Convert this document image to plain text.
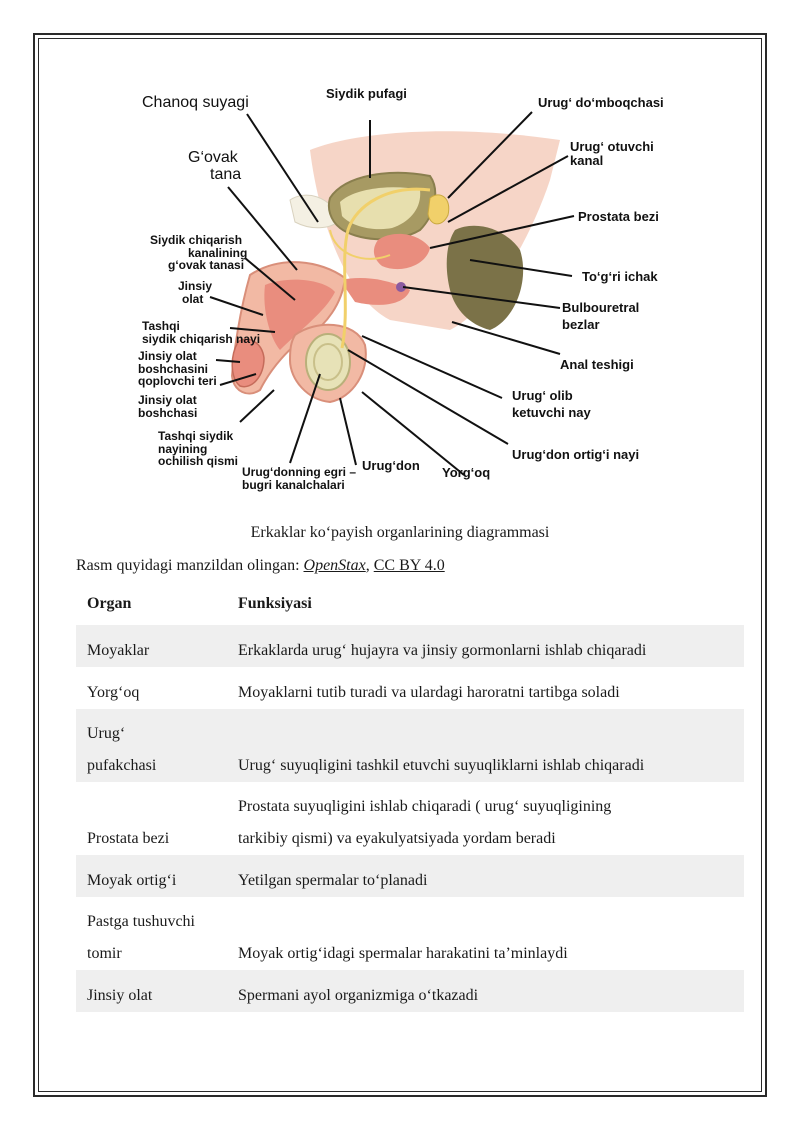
Chanoq suyagi
Siydik pufagi
Urug‘ do‘mboqchasi
G‘ovak
tana
Urug‘ otuvchi
kanal
Prostata bezi
Siydik chiqarish
kanalining
g‘ovak tanasi
To‘g‘ri ichak
Jinsiy
olat
Bulbouretral
bezlar
Tashqi
siydik chiqarish nayi
Anal teshigi
Jinsiy olat
boshchasini
qoplovchi teri
Jinsiy olat
boshchasi
Urug‘ olib
ketuvchi nay
Tashqi siydik
nayining
ochilish qismi	Urug‘don ortig‘i nayi
Urug‘donning egri –
bugri kanalchalari
Urug‘don Yorg‘oq
Erkaklar ko‘payish organlarining diagrammasi
Rasm quyidagi manzildan olingan: OpenStax, CC BY 4.0
Organ	Funksiyasi

Moyaklar	Erkaklarda urug‘ hujayra va jinsiy gormonlarni ishlab chiqaradi

Yorg‘oq	Moyaklarni tutib turadi va ulardagi haroratni tartibga soladi

Urug‘
pufakchasi	Urug‘ suyuqligini tashkil etuvchi suyuqliklarni ishlab chiqaradi

Prostata bezi	Prostata suyuqligini ishlab chiqaradi ( urug‘ suyuqligining
tarkibiy qismi) va eyakulyatsiyada yordam beradi

Moyak ortig‘i	Yetilgan spermalar to‘planadi

Pastga tushuvchi
tomir	Moyak ortig‘idagi spermalar harakatini ta’minlaydi

Jinsiy olat	Spermani ayol organizmiga o‘tkazadi
